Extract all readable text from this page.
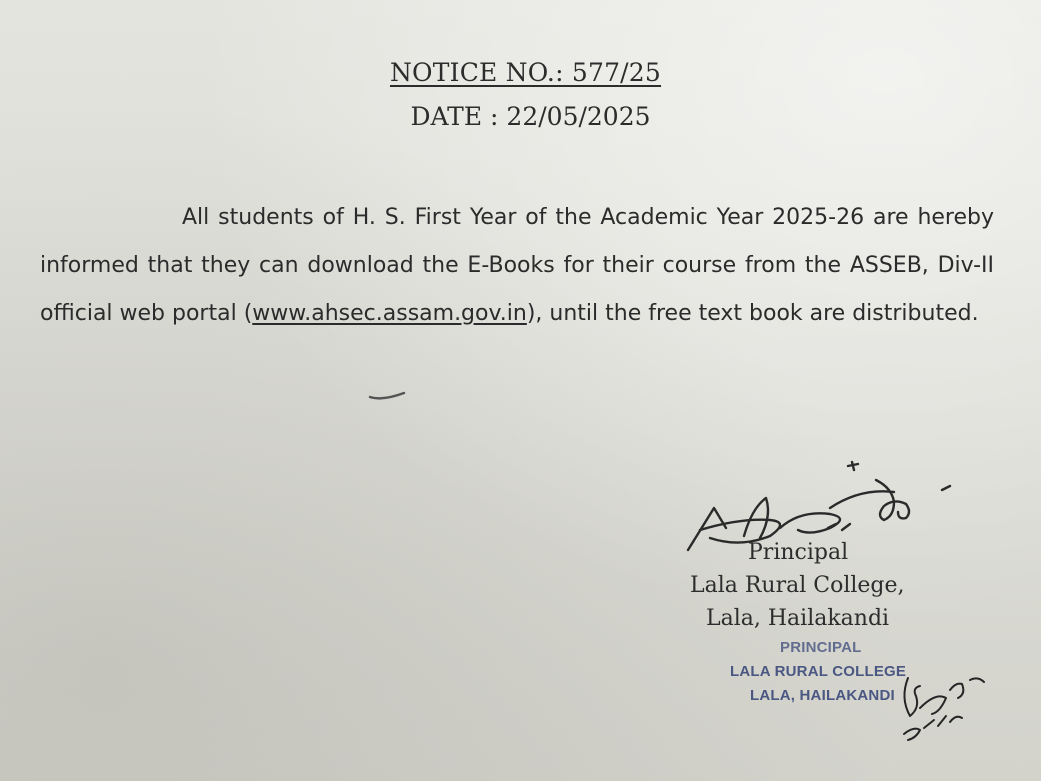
NOTICE NO.: 577/25
DATE : 22/05/2025

All students of H. S. First Year of the Academic Year 2025-26 are hereby informed that they can download the E-Books for their course from the ASSEB, Div-II official web portal (www.ahsec.assam.gov.in), until the free text book are distributed.

Principal
Lala Rural College,
Lala, Hailakandi
PRINCIPAL
LALA RURAL COLLEGE
LALA, HAILAKANDI
